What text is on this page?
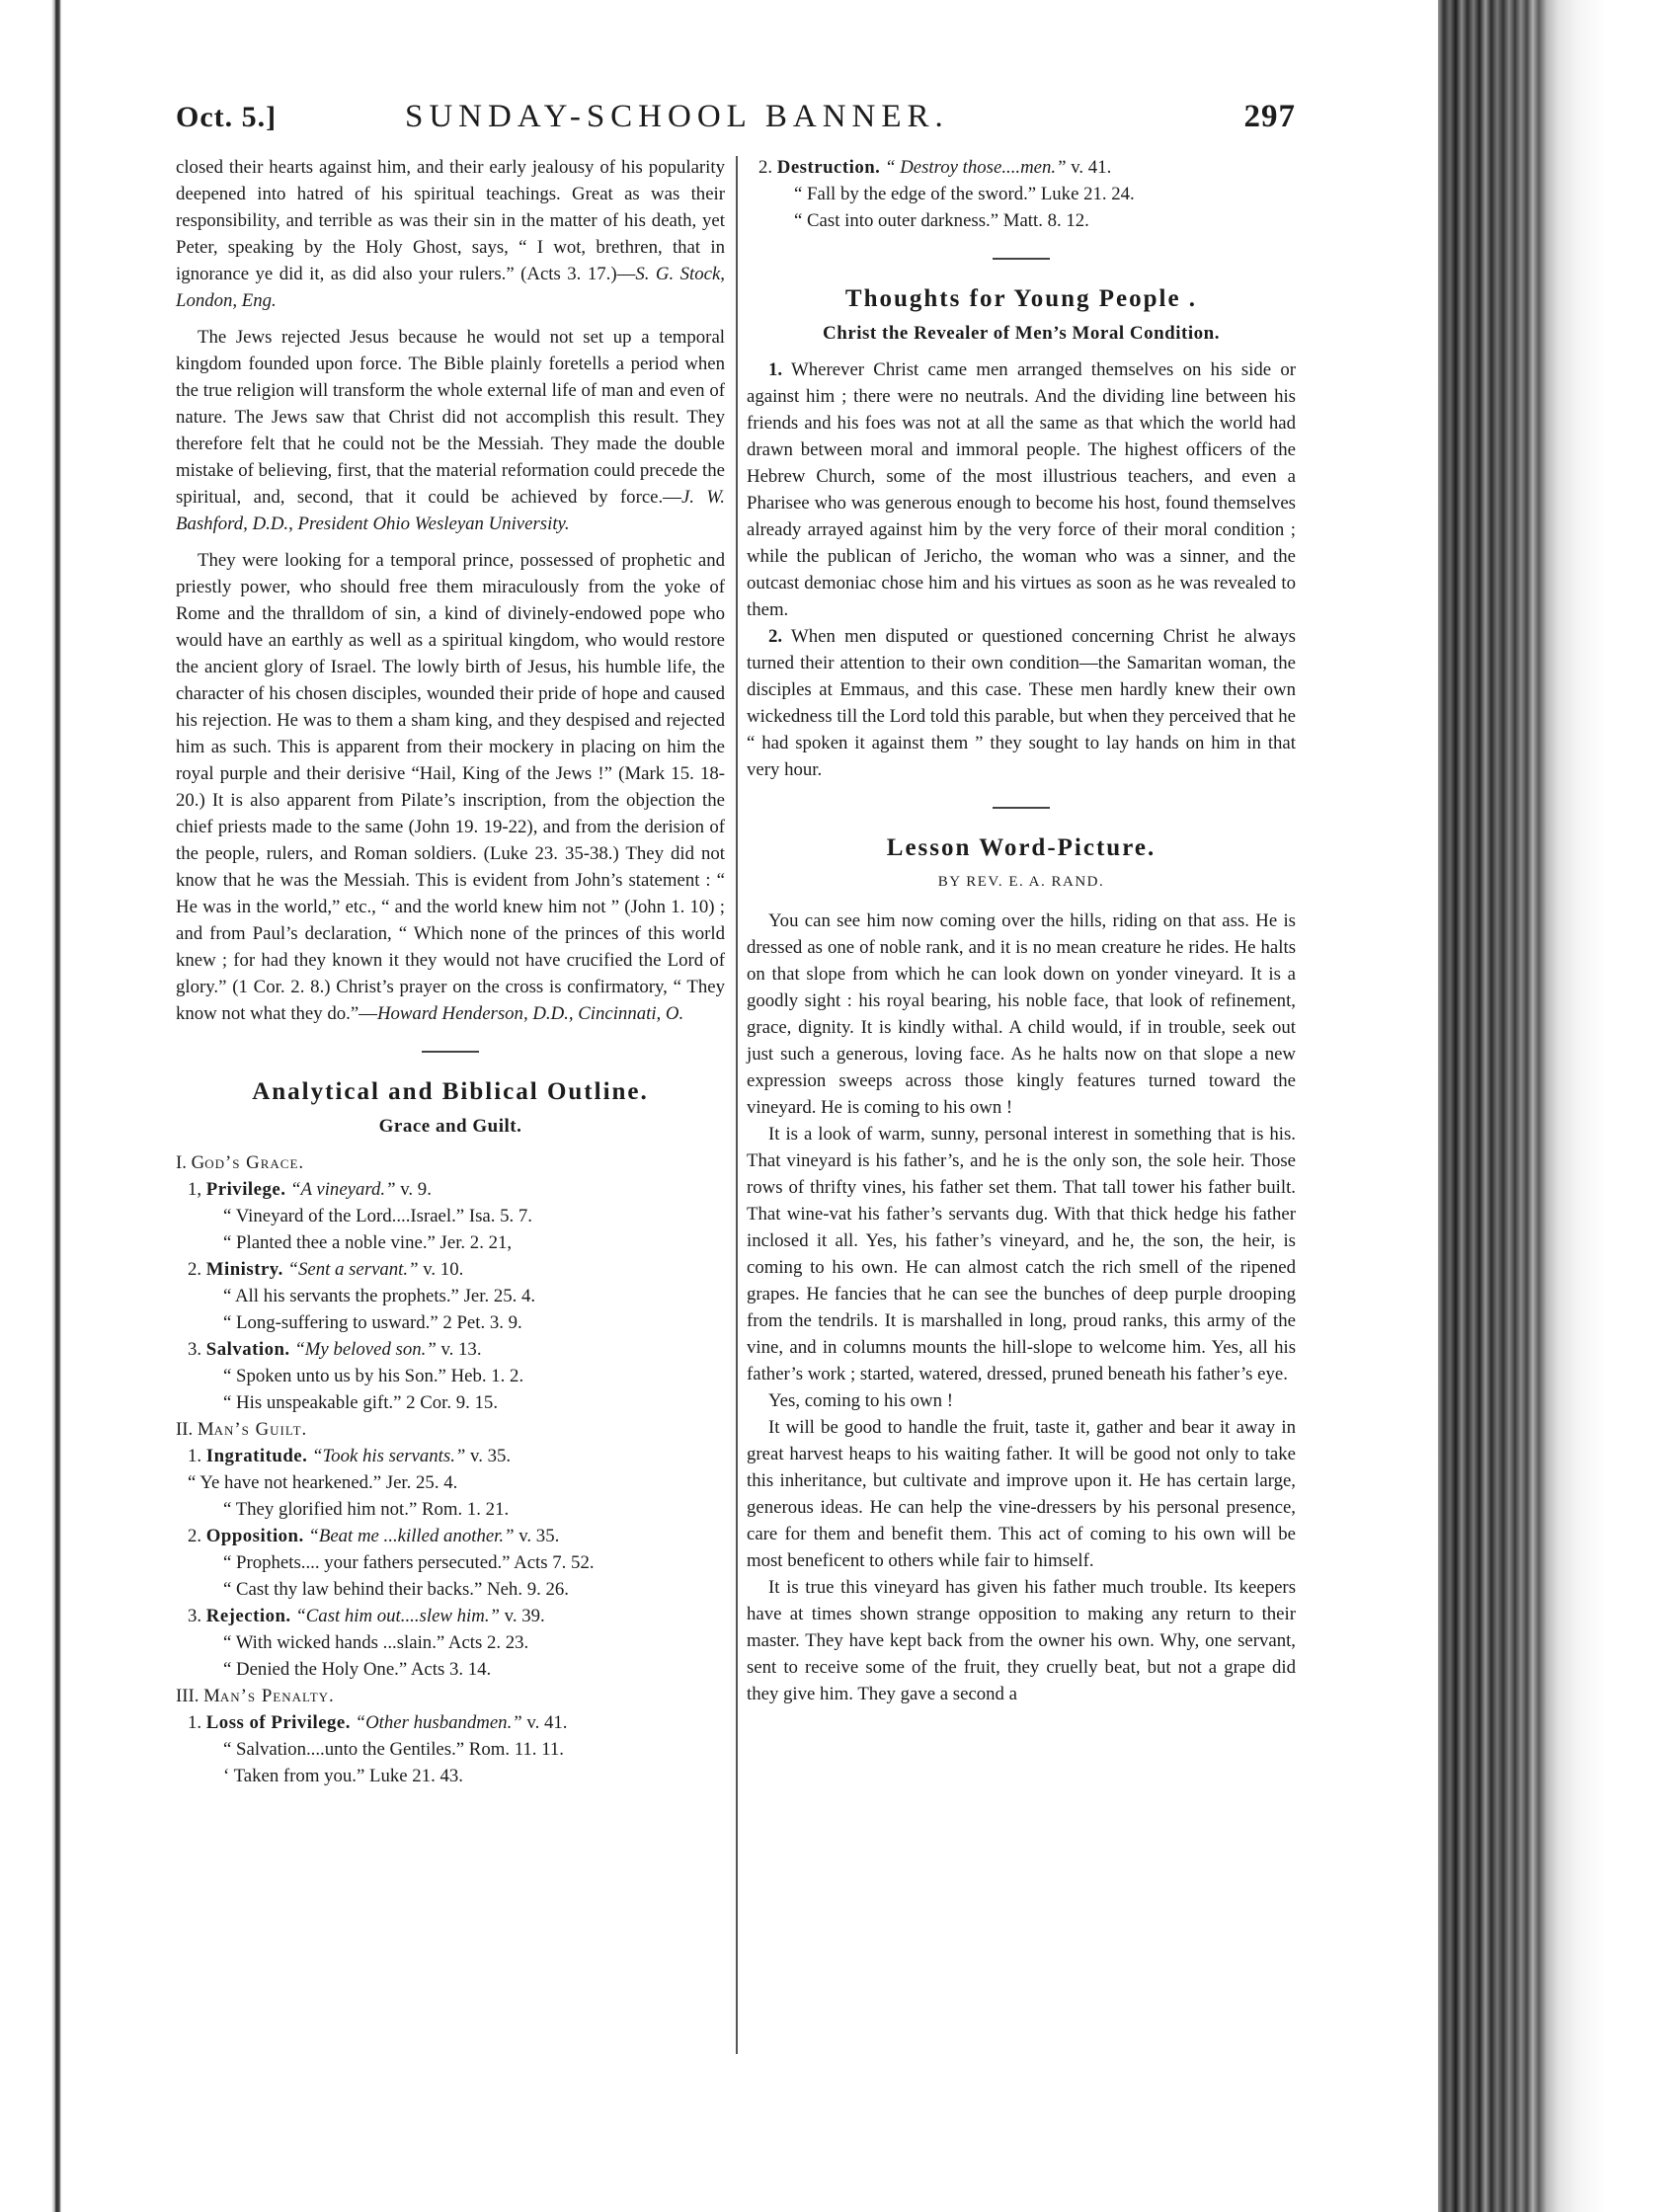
Oct. 5.]	SUNDAY-SCHOOL BANNER.	297

closed their hearts against him, and their early jealousy of his popularity deepened into hatred of his spiritual teachings. Great as was their responsibility, and terrible as was their sin in the matter of his death, yet Peter, speaking by the Holy Ghost, says, “ I wot, brethren, that in ignorance ye did it, as did also your rulers.” (Acts 3. 17.)—S. G. Stock, London, Eng.

The Jews rejected Jesus because he would not set up a temporal kingdom founded upon force. The Bible plainly foretells a period when the true religion will transform the whole external life of man and even of nature. The Jews saw that Christ did not accomplish this result. They therefore felt that he could not be the Messiah. They made the double mistake of believing, first, that the material reformation could precede the spiritual, and, second, that it could be achieved by force.—J. W. Bashford, D.D., President Ohio Wesleyan University.

They were looking for a temporal prince, possessed of prophetic and priestly power, who should free them miraculously from the yoke of Rome and the thralldom of sin, a kind of divinely-endowed pope who would have an earthly as well as a spiritual kingdom, who would restore the ancient glory of Israel. The lowly birth of Jesus, his humble life, the character of his chosen disciples, wounded their pride of hope and caused his rejection. He was to them a sham king, and they despised and rejected him as such. This is apparent from their mockery in placing on him the royal purple and their derisive “Hail, King of the Jews !” (Mark 15. 18-20.) It is also apparent from Pilate’s inscription, from the objection the chief priests made to the same (John 19. 19-22), and from the derision of the people, rulers, and Roman soldiers. (Luke 23. 35-38.) They did not know that he was the Messiah. This is evident from John’s statement : “ He was in the world,” etc., “ and the world knew him not ” (John 1. 10) ; and from Paul’s declaration, “ Which none of the princes of this world knew ; for had they known it they would not have crucified the Lord of glory.” (1 Cor. 2. 8.) Christ’s prayer on the cross is confirmatory, “ They know not what they do.”—Howard Henderson, D.D., Cincinnati, O.

Analytical and Biblical Outline.
Grace and Guilt.
I. God’s Grace.
1, Privilege. “A vineyard.” v. 9.
“ Vineyard of the Lord....Israel.” Isa. 5. 7.
“ Planted thee a noble vine.” Jer. 2. 21,
2. Ministry. “Sent a servant.” v. 10.
“ All his servants the prophets.” Jer. 25. 4.
“ Long-suffering to usward.” 2 Pet. 3. 9.
3. Salvation. “My beloved son.” v. 13.
“ Spoken unto us by his Son.” Heb. 1. 2.
“ His unspeakable gift.” 2 Cor. 9. 15.
II. Man’s Guilt.
1. Ingratitude. “Took his servants.” v. 35.
“ Ye have not hearkened.” Jer. 25. 4.
“ They glorified him not.” Rom. 1. 21.
2. Opposition. “Beat me ...killed another.” v. 35.
“ Prophets.... your fathers persecuted.” Acts 7. 52.
“ Cast thy law behind their backs.” Neh. 9. 26.
3. Rejection. “Cast him out....slew him.” v. 39.
“ With wicked hands ...slain.” Acts 2. 23.
“ Denied the Holy One.” Acts 3. 14.
III. Man’s Penalty.
1. Loss of Privilege. “Other husbandmen.” v. 41.
“ Salvation....unto the Gentiles.” Rom. 11. 11.
‘ Taken from you.” Luke 21. 43.
2. Destruction. “ Destroy those....men.” v. 41.
“ Fall by the edge of the sword.” Luke 21. 24.
“ Cast into outer darkness.” Matt. 8. 12.
Thoughts for Young People .
Christ the Revealer of Men’s Moral Condition.

1. Wherever Christ came men arranged themselves on his side or against him ; there were no neutrals. And the dividing line between his friends and his foes was not at all the same as that which the world had drawn between moral and immoral people. The highest officers of the Hebrew Church, some of the most illustrious teachers, and even a Pharisee who was generous enough to become his host, found themselves already arrayed against him by the very force of their moral condition ; while the publican of Jericho, the woman who was a sinner, and the outcast demoniac chose him and his virtues as soon as he was revealed to them.

2. When men disputed or questioned concerning Christ he always turned their attention to their own condition—the Samaritan woman, the disciples at Emmaus, and this case. These men hardly knew their own wickedness till the Lord told this parable, but when they perceived that he “ had spoken it against them ” they sought to lay hands on him in that very hour.

Lesson Word-Picture.
BY REV. E. A. RAND.

You can see him now coming over the hills, riding on that ass. He is dressed as one of noble rank, and it is no mean creature he rides. He halts on that slope from which he can look down on yonder vineyard. It is a goodly sight : his royal bearing, his noble face, that look of refinement, grace, dignity. It is kindly withal. A child would, if in trouble, seek out just such a generous, loving face. As he halts now on that slope a new expression sweeps across those kingly features turned toward the vineyard. He is coming to his own !

It is a look of warm, sunny, personal interest in something that is his. That vineyard is his father’s, and he is the only son, the sole heir. Those rows of thrifty vines, his father set them. That tall tower his father built. That wine-vat his father’s servants dug. With that thick hedge his father inclosed it all. Yes, his father’s vineyard, and he, the son, the heir, is coming to his own. He can almost catch the rich smell of the ripened grapes. He fancies that he can see the bunches of deep purple drooping from the tendrils. It is marshalled in long, proud ranks, this army of the vine, and in columns mounts the hill-slope to welcome him. Yes, all his father’s work ; started, watered, dressed, pruned beneath his father’s eye.

Yes, coming to his own !

It will be good to handle the fruit, taste it, gather and bear it away in great harvest heaps to his waiting father. It will be good not only to take this inheritance, but cultivate and improve upon it. He has certain large, generous ideas. He can help the vine-dressers by his personal presence, care for them and benefit them. This act of coming to his own will be most beneficent to others while fair to himself.

It is true this vineyard has given his father much trouble. Its keepers have at times shown strange opposition to making any return to their master. They have kept back from the owner his own. Why, one servant, sent to receive some of the fruit, they cruelly beat, but not a grape did they give him. They gave a second a
